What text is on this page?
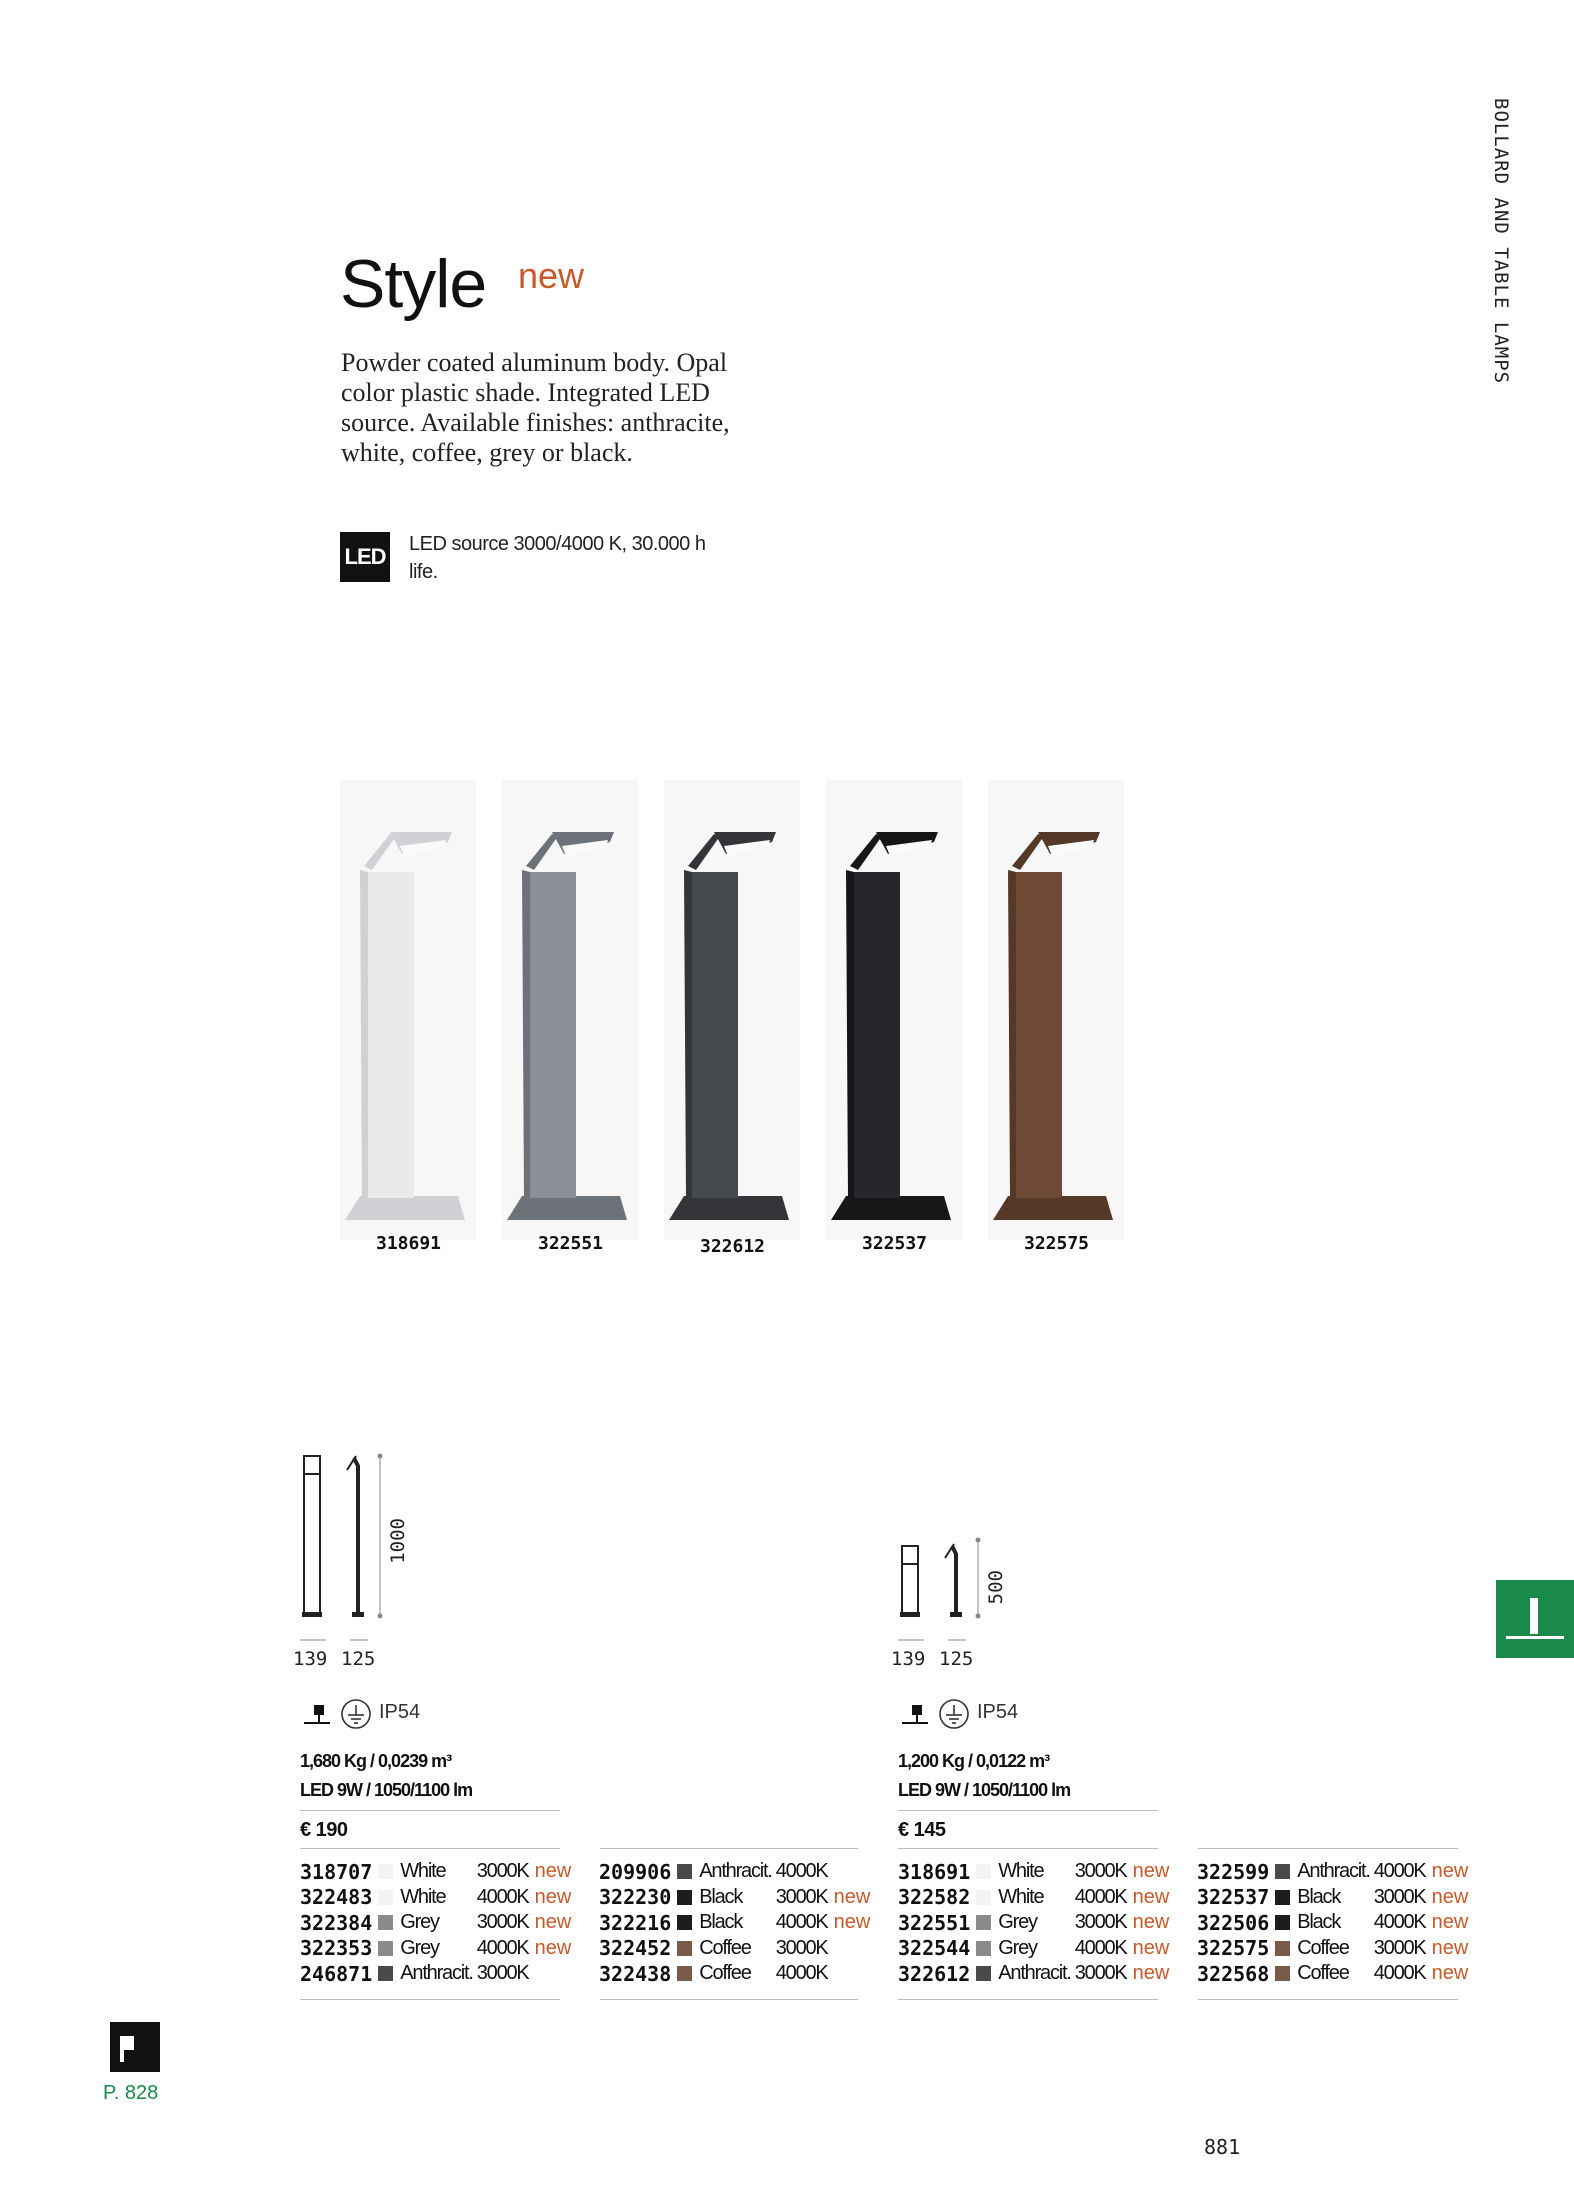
BOLLARD AND TABLE LAMPS
Style new
Powder coated aluminum body. Opal color plastic shade. Integrated LED source. Available finishes: anthracite, white, coffee, grey or black.
LED LED source 3000/4000 K, 30.000 h life.
318691	322551	322612	322537	322575
1000
139 125
IP54
1,680 Kg / 0,0239 m³
LED 9W / 1050/1100 lm
€ 190
318707		White	3000K	new
322483		White	4000K	new
322384		Grey	3000K	new
322353		Grey	4000K	new
246871		Anthracit.	3000K	
209906		Anthracit.	4000K	
322230		Black	3000K	new
322216		Black	4000K	new
322452		Coffee	3000K	
322438		Coffee	4000K	
500
139 125
IP54
1,200 Kg / 0,0122 m³
LED 9W / 1050/1100 lm
€ 145
318691		White	3000K	new
322582		White	4000K	new
322551		Grey	3000K	new
322544		Grey	4000K	new
322612		Anthracit.	3000K	new
322599		Anthracit.	4000K	new
322537		Black	3000K	new
322506		Black	4000K	new
322575		Coffee	3000K	new
322568		Coffee	4000K	new
P. 828
881
